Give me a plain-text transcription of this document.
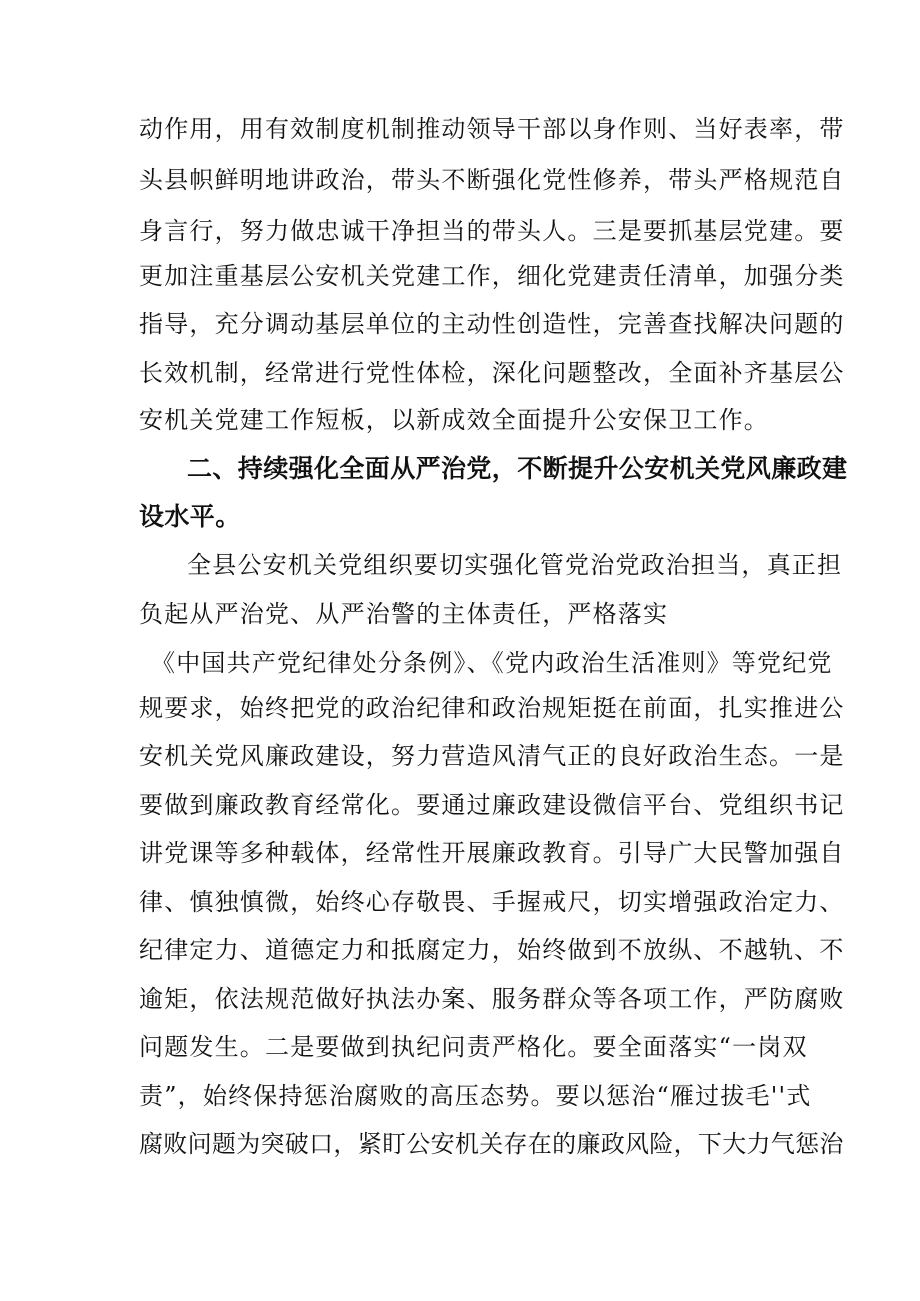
动作用，用有效制度机制推动领导干部以身作则、当好表率，带
头县帜鲜明地讲政治，带头不断强化党性修养，带头严格规范自
身言行，努力做忠诚干净担当的带头人。三是要抓基层党建。要
更加注重基层公安机关党建工作，细化党建责任清单，加强分类
指导，充分调动基层单位的主动性创造性，完善查找解决问题的
长效机制，经常进行党性体检，深化问题整改，全面补齐基层公
安机关党建工作短板，以新成效全面提升公安保卫工作。
二、持续强化全面从严治党，不断提升公安机关党风廉政建
设水平。
全县公安机关党组织要切实强化管党治党政治担当，真正担
负起从严治党、从严治警的主体责任，严格落实
《中国共产党纪律处分条例》、《党内政治生活准则》等党纪党
规要求，始终把党的政治纪律和政治规矩挺在前面，扎实推进公
安机关党风廉政建设，努力营造风清气正的良好政治生态。一是
要做到廉政教育经常化。要通过廉政建设微信平台、党组织书记
讲党课等多种载体，经常性开展廉政教育。引导广大民警加强自
律、慎独慎微，始终心存敬畏、手握戒尺，切实增强政治定力、
纪律定力、道德定力和抵腐定力，始终做到不放纵、不越轨、不
逾矩，依法规范做好执法办案、服务群众等各项工作，严防腐败
问题发生。二是要做到执纪问责严格化。要全面落实“一岗双
责”，始终保持惩治腐败的高压态势。要以惩治“雁过拔毛''式
腐败问题为突破口，紧盯公安机关存在的廉政风险，下大力气惩治
